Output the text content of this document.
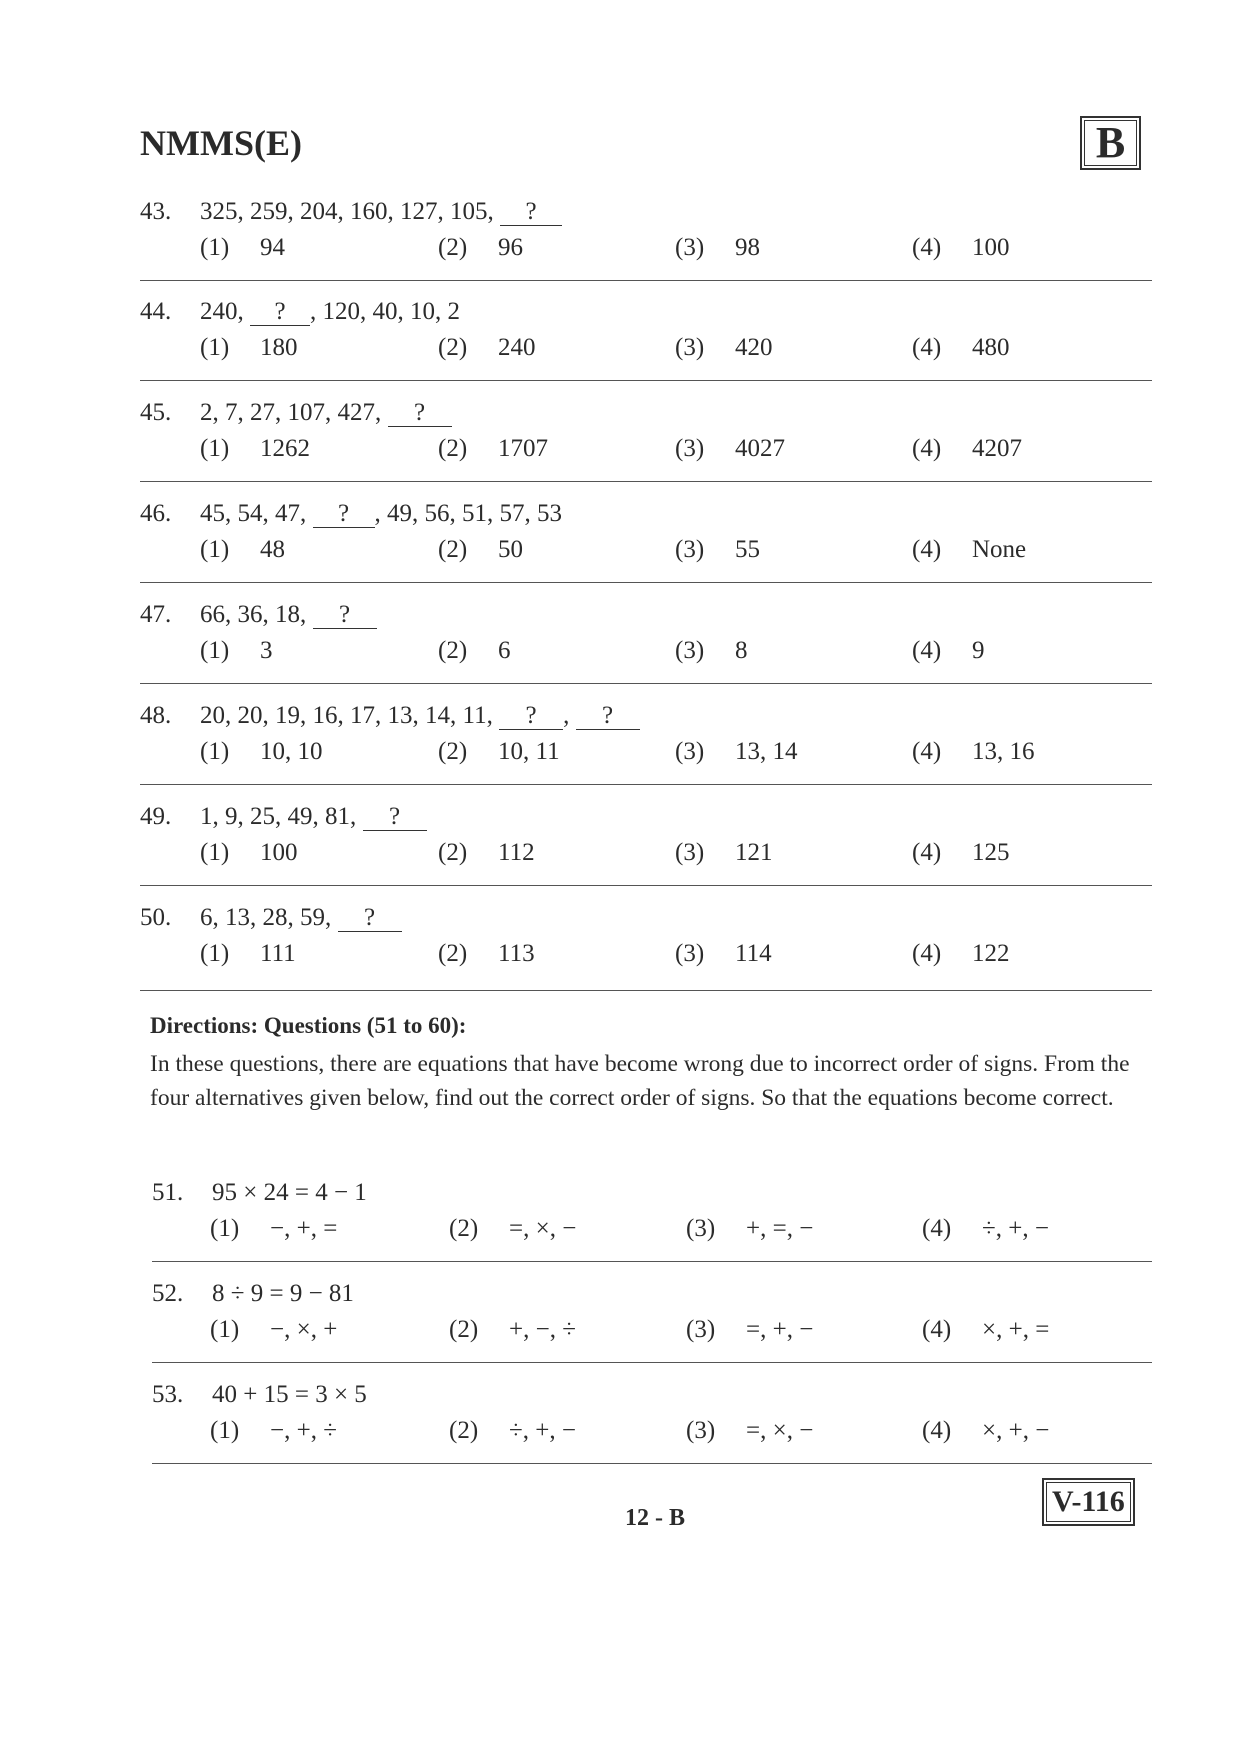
NMMS(E)	B
43. 325, 259, 204, 160, 127, 105, ?
(1) 94	(2) 96	(3) 98	(4) 100
44. 240, ? , 120, 40, 10, 2
(1) 180	(2) 240	(3) 420	(4) 480
45. 2, 7, 27, 107, 427, ?
(1) 1262	(2) 1707	(3) 4027	(4) 4207
46. 45, 54, 47, ? , 49, 56, 51, 57, 53
(1) 48	(2) 50	(3) 55	(4) None
47. 66, 36, 18, ?
(1) 3	(2) 6	(3) 8	(4) 9
48. 20, 20, 19, 16, 17, 13, 14, 11, ? , ?
(1) 10, 10	(2) 10, 11	(3) 13, 14	(4) 13, 16
49. 1, 9, 25, 49, 81, ?
(1) 100	(2) 112	(3) 121	(4) 125
50. 6, 13, 28, 59, ?
(1) 111	(2) 113	(3) 114	(4) 122
Directions: Questions (51 to 60):
In these questions, there are equations that have become wrong due to incorrect order of signs. From the four alternatives given below, find out the correct order of signs. So that the equations become correct.
51. 95 × 24 = 4 − 1
(1) −, +, =	(2) =, ×, −	(3) +, =, −	(4) ÷, +, −
52. 8 ÷ 9 = 9 − 81
(1) −, ×, +	(2) +, −, ÷	(3) =, +, −	(4) ×, +, =
53. 40 + 15 = 3 × 5
(1) −, +, ÷	(2) ÷, +, −	(3) =, ×, −	(4) ×, +, −
12 - B	V-116
